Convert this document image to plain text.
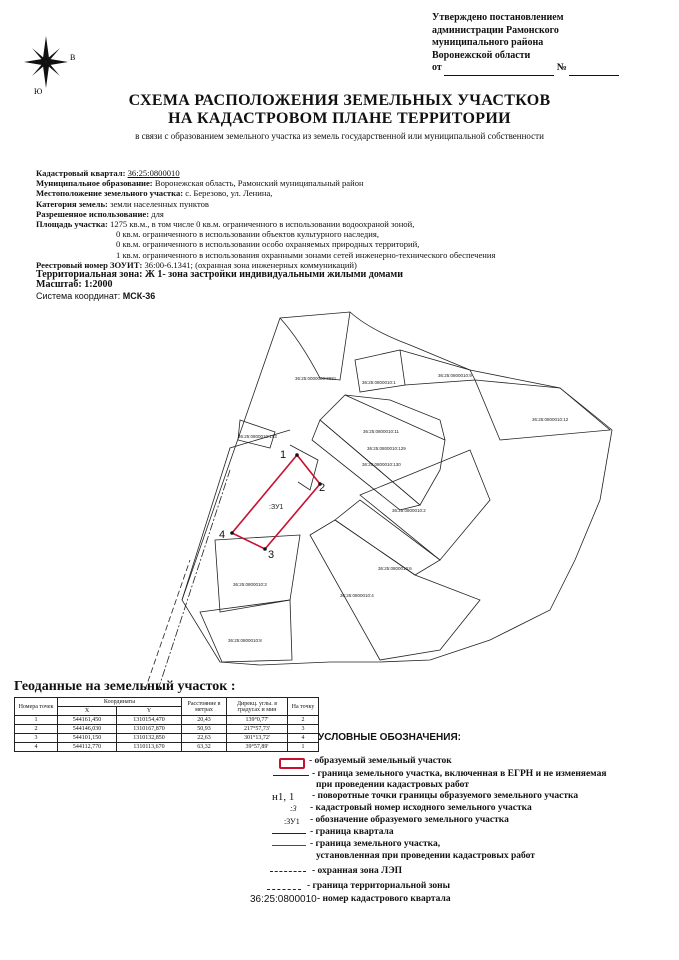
Утверждено постановлением
администрации Рамонского
муниципального района
Воронежской области
от	№
В
Ю
СХЕМА РАСПОЛОЖЕНИЯ ЗЕМЕЛЬНЫХ УЧАСТКОВ
НА КАДАСТРОВОМ ПЛАНЕ ТЕРРИТОРИИ
в связи с образованием земельного участка из земель государственной или муниципальной собственности
Кадастровый квартал: 36:25:0800010
Муниципальное образование: Воронежская область, Рамонский муниципальный район
Местоположение земельного участка: с. Березово, ул. Ленина,
Категория земель: земли населенных пунктов
Разрешенное использование: для
Площадь участка: 1275 кв.м., в том числе 0 кв.м. ограниченного в использовании водоохраной зоной,
0 кв.м. ограниченного в использовании объектов культурного наследия,
0 кв.м. ограниченного в использовании особо охраняемых природных территорий,
1 кв.м. ограниченного в использования охранными зонами сетей инженерно-технического обеспечения
Реестровый номер ЗОУИТ: 36:00-6.1341; (охранная зона инженерных коммуникаций)
Территориальная зона: Ж 1- зона застройки индивидуальными жилыми домами
Масштаб: 1:2000
Система координат: МСК-36
1
2
3
4
:ЗУ1
36:25:0000000:3681
36:25:0800010:1
36:25:0800010:9
36:25:0800010:12
36:25:0800010:143
36:25:0800010:11
36:25:0800010:129
36:25:0800010:130
36:25:0800010:2
36:25:0800010:6
36:25:0800010:4
36:25:0800010:3
36:25:0800010:8
Геоданные на земельный участок :
Номера точек	Координаты		Расстояние в метрах	Дирекц. углы. в градусах и мин	На точку
	X	Y			
1	544161,450	1310154,470	20,43	139°0,77'	2
2	544146,030	1310167,870	50,93	217°57,73'	3
3	544101,150	1310132,850	22,63	301°13,72'	4
4	544112,770	1310113,670	63,32	39°57,89'	1
УСЛОВНЫЕ ОБОЗНАЧЕНИЯ:
- образуемый земельный участок
- граница земельного участка, включенная в ЕГРН и не изменяемая
при проведении кадастровых работ
н1, 1 - поворотные точки границы образуемого земельного участка
:3 - кадастровый номер исходного земельного участка
:ЗУ1 - обозначение образуемого земельного участка
- граница квартала
- граница земельного участка,
установленная при проведении кадастровых работ
- охранная зона ЛЭП
- граница территориальной зоны
36:25:0800010 - номер кадастрового квартала
